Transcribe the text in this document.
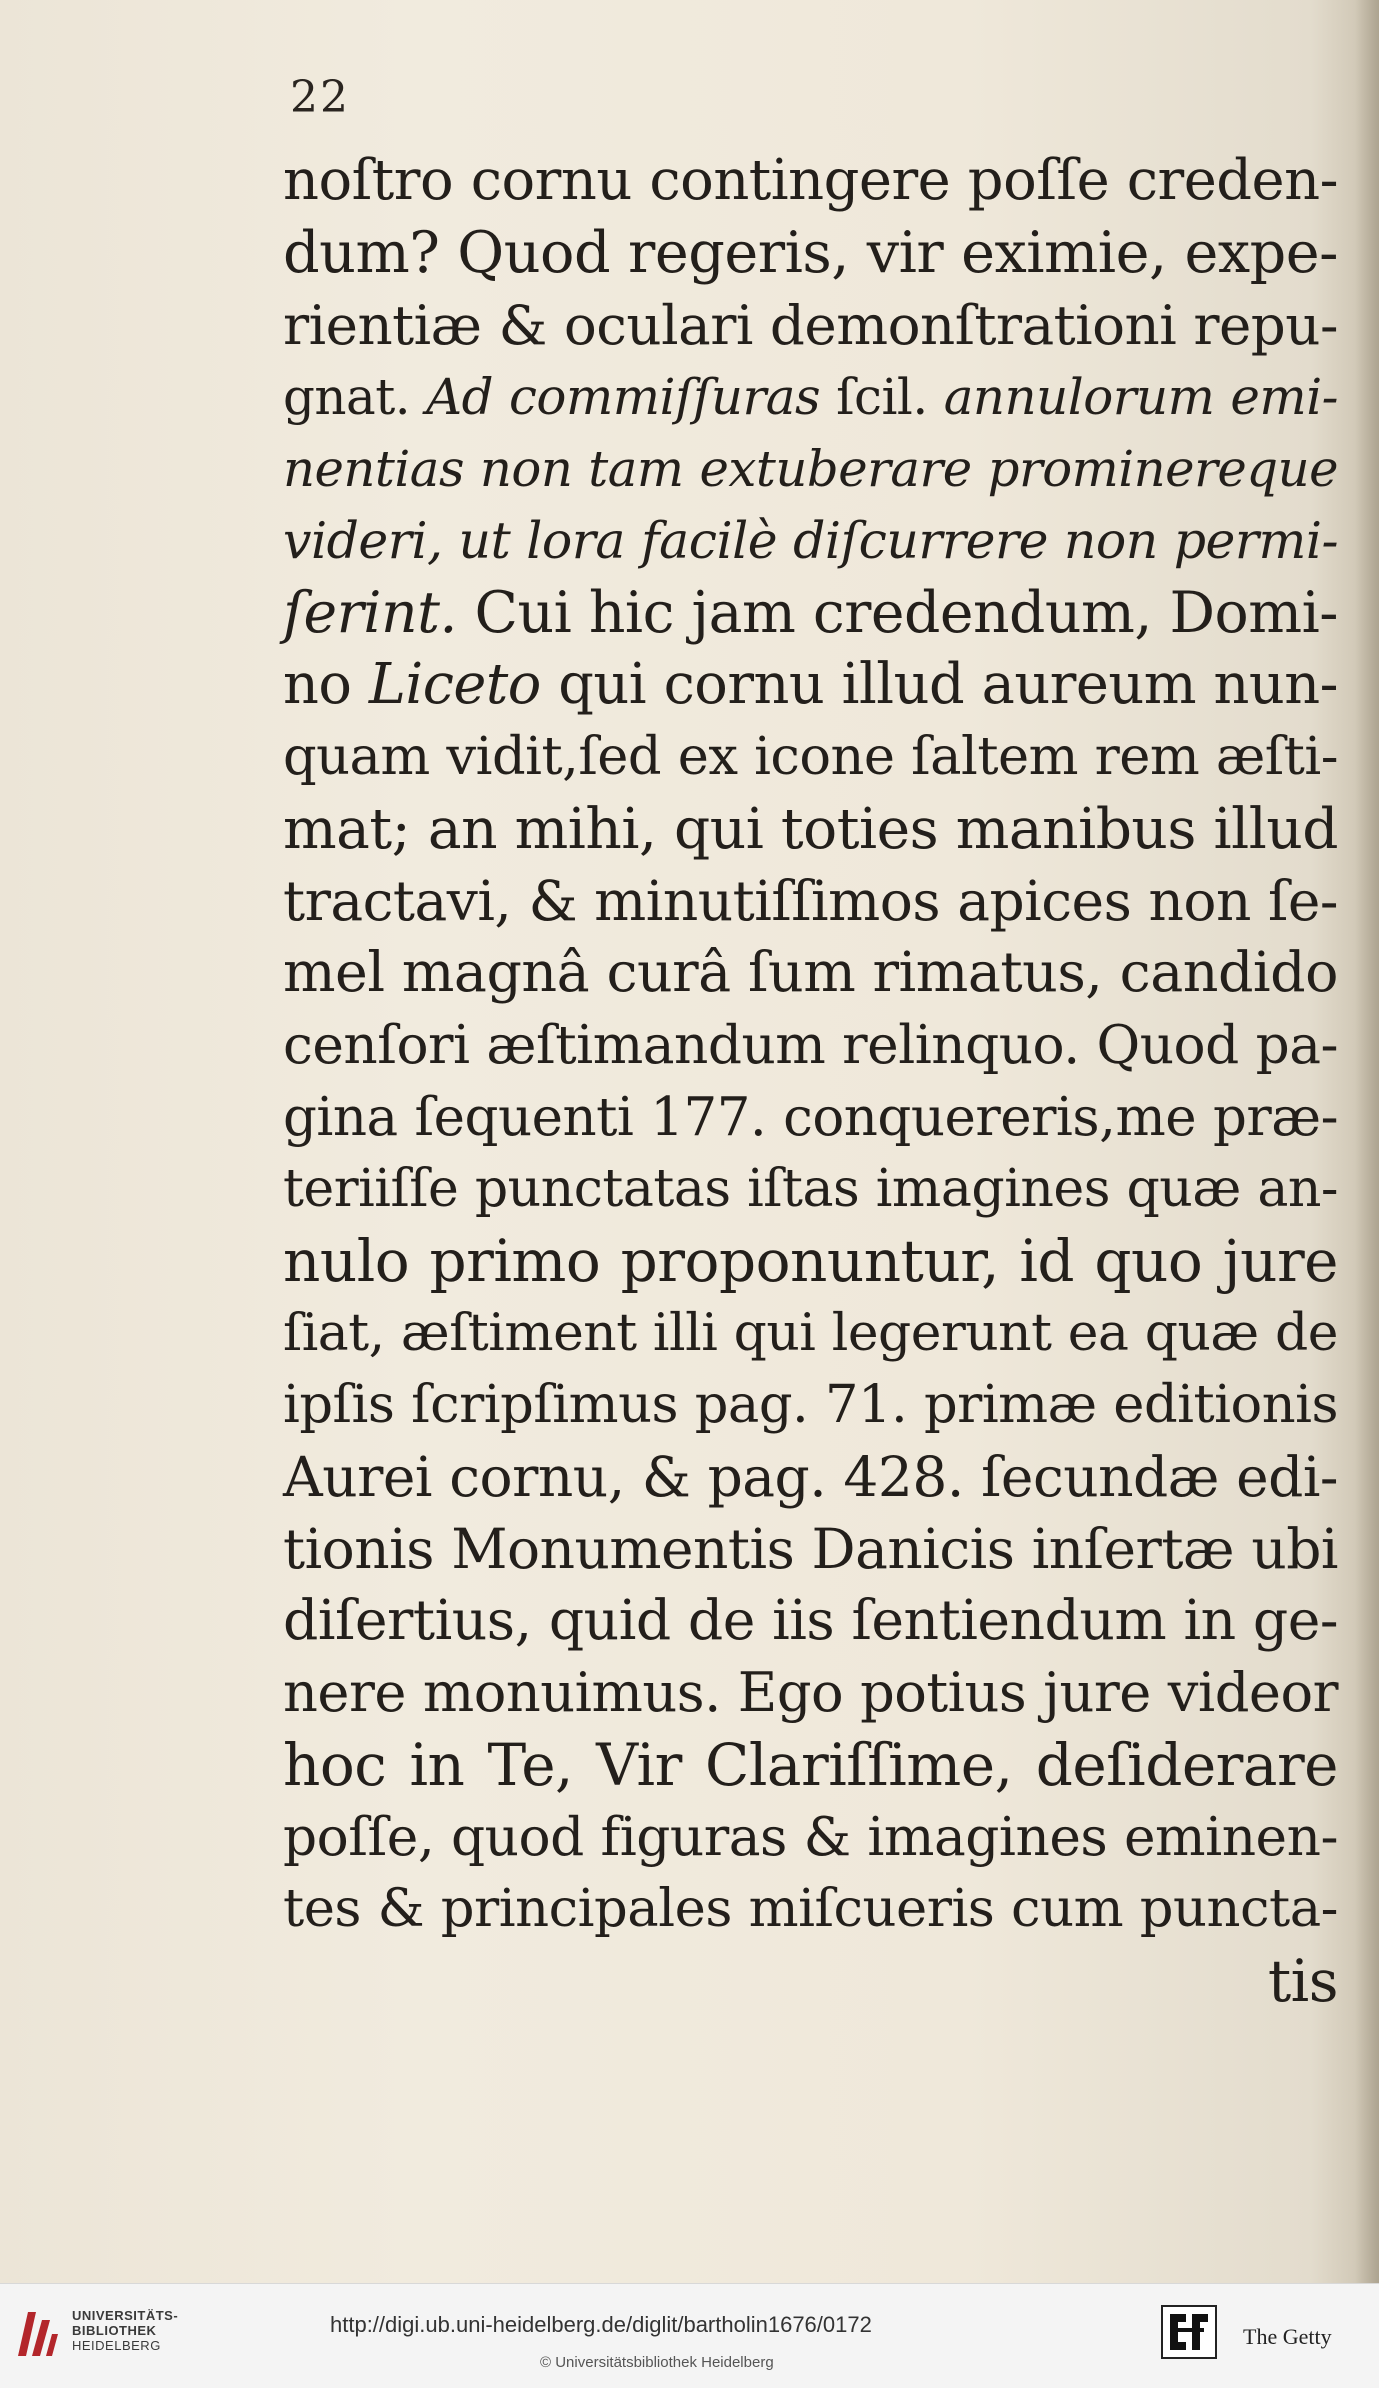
22
noſtro cornu contingere poſſe creden-
dum? Quod regeris, vir eximie, expe-
rientiæ & oculari demonſtrationi repu-
gnat. Ad commiſſuras ſcil. annulorum emi-
nentias non tam extuberare prominereque
videri, ut lora facilè diſcurrere non permi-
ſerint. Cui hic jam credendum, Domi-
no Liceto qui cornu illud aureum nun-
quam vidit,ſed ex icone ſaltem rem æſti-
mat; an mihi, qui toties manibus illud
tractavi, & minutiſſimos apices non ſe-
mel magnâ curâ ſum rimatus, candido
cenſori æſtimandum relinquo. Quod pa-
gina ſequenti 177. conquereris,me præ-
teriiſſe punctatas iſtas imagines quæ an-
nulo primo proponuntur, id quo jure
ſiat, æſtiment illi qui legerunt ea quæ de
ipſis ſcripſimus pag. 71. primæ editionis
Aurei cornu, & pag. 428. ſecundæ edi-
tionis Monumentis Danicis inſertæ ubi
diſertius, quid de iis ſentiendum in ge-
nere monuimus. Ego potius jure videor
hoc in Te, Vir Clariſſime, deſiderare
poſſe, quod figuras & imagines eminen-
tes & principales miſcueris cum puncta-
tis
UNIVERSITÄTS-
BIBLIOTHEK
HEIDELBERG
http://digi.ub.uni-heidelberg.de/diglit/bartholin1676/0172
© Universitätsbibliothek Heidelberg
The Getty
